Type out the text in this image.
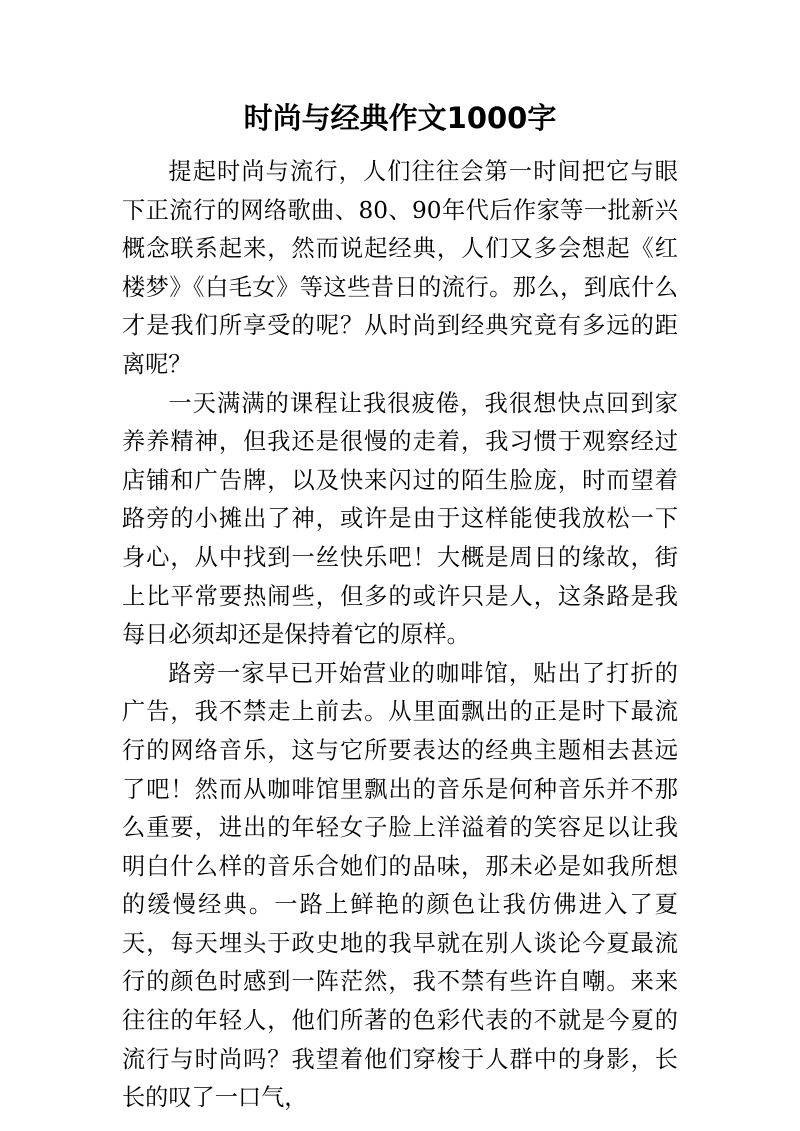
时尚与经典作文1000字

提起时尚与流行，人们往往会第一时间把它与眼下正流行的网络歌曲、80、90年代后作家等一批新兴概念联系起来，然而说起经典，人们又多会想起《红楼梦》《白毛女》等这些昔日的流行。那么，到底什么才是我们所享受的呢？从时尚到经典究竟有多远的距离呢？

一天满满的课程让我很疲倦，我很想快点回到家养养精神，但我还是很慢的走着，我习惯于观察经过店铺和广告牌，以及快来闪过的陌生脸庞，时而望着路旁的小摊出了神，或许是由于这样能使我放松一下身心，从中找到一丝快乐吧！大概是周日的缘故，街上比平常要热闹些，但多的或许只是人，这条路是我每日必须却还是保持着它的原样。

路旁一家早已开始营业的咖啡馆，贴出了打折的广告，我不禁走上前去。从里面飘出的正是时下最流行的网络音乐，这与它所要表达的经典主题相去甚远了吧！然而从咖啡馆里飘出的音乐是何种音乐并不那么重要，进出的年轻女子脸上洋溢着的笑容足以让我明白什么样的音乐合她们的品味，那未必是如我所想的缓慢经典。一路上鲜艳的颜色让我仿佛进入了夏天，每天埋头于政史地的我早就在别人谈论今夏最流行的颜色时感到一阵茫然，我不禁有些许自嘲。来来往往的年轻人，他们所著的色彩代表的不就是今夏的流行与时尚吗？我望着他们穿梭于人群中的身影，长长的叹了一口气，
